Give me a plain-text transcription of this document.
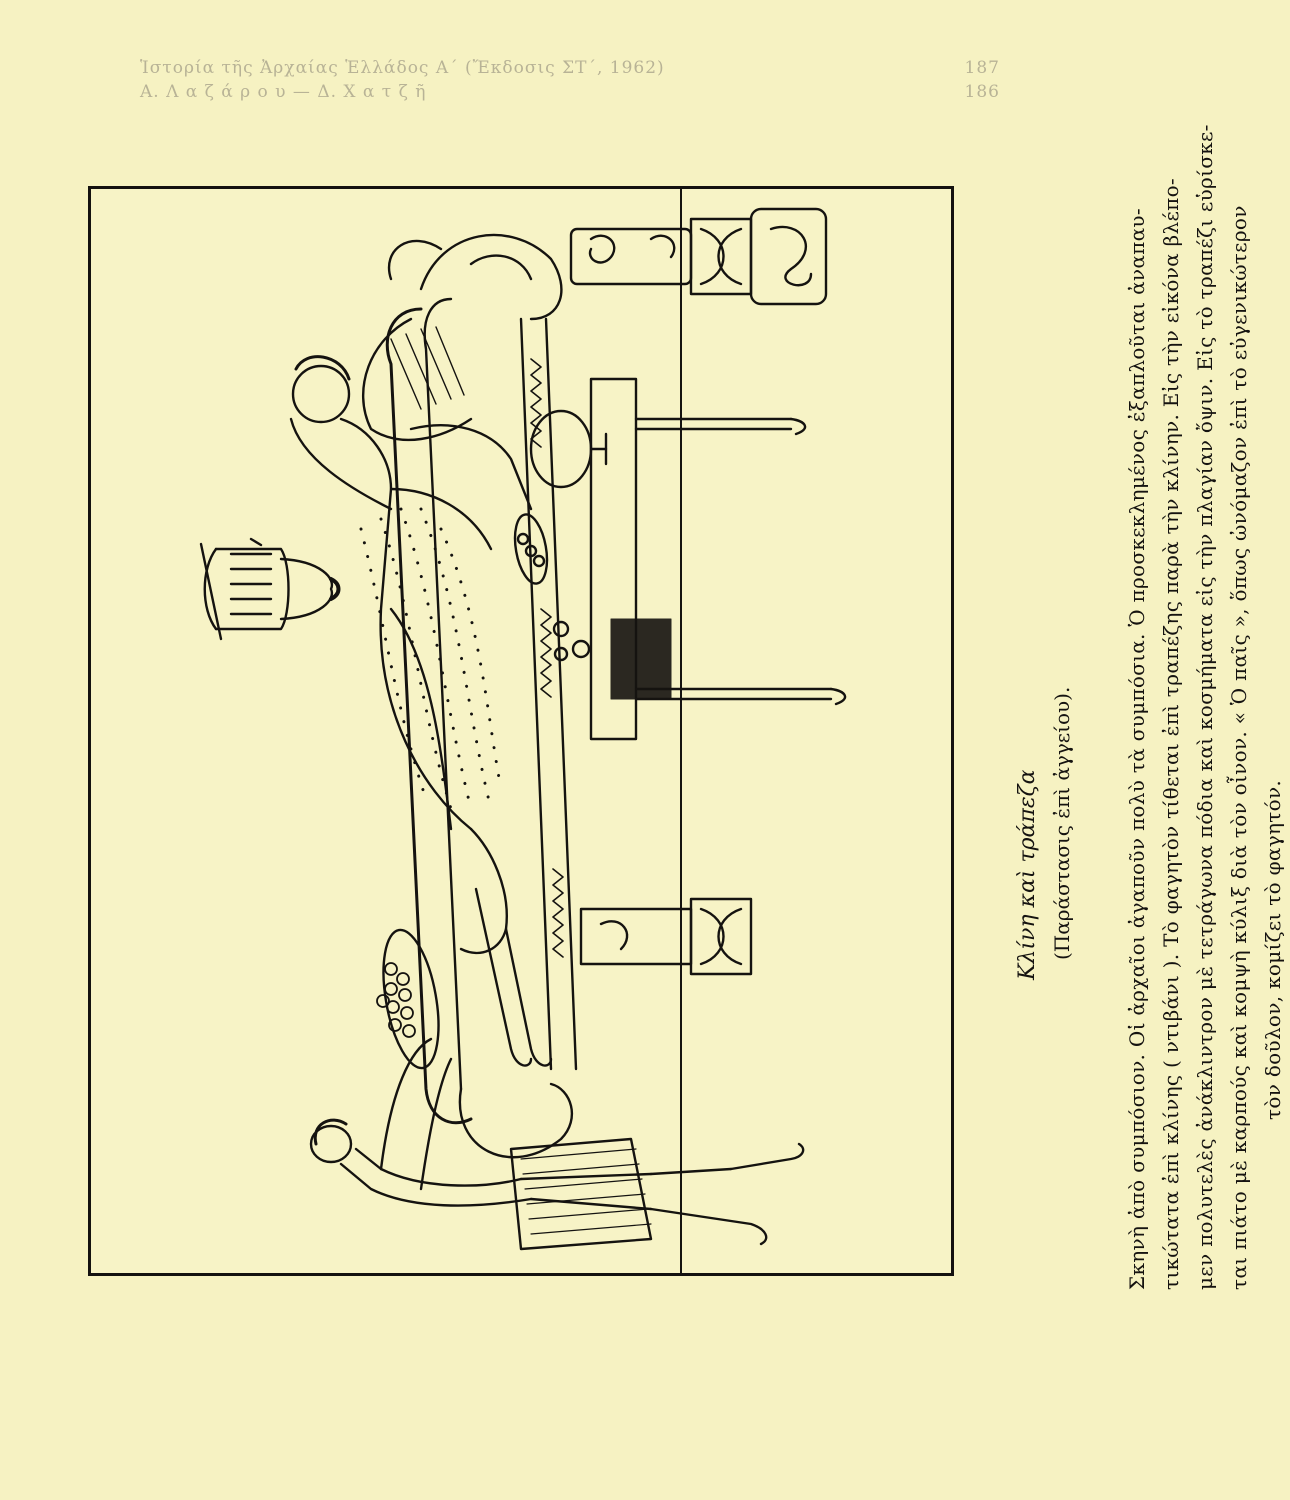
Ἱστορία τῆς Ἀρχαίας Ἑλλάδος Α´ (Ἔκδοσις ΣΤ´, 1962)	187
Α. Λ α ζ ά ρ ο υ — Δ. Χ α τ ζ ῆ	186
Κλίνη καὶ τράπεζα (Παράστασις ἐπὶ ἀγγείου).	Σκηνὴ ἀπὸ συμπόσιον. Οἱ ἀρχαῖοι ἀγαποῦν πολὺ τὰ συμπόσια. Ὁ προσκεκλημένος ἐξαπλοῦται ἀναπαυ- τικώτατα ἐπὶ κλίνης ( ντιβάνι ). Τὸ φαγητὸν τίθεται ἐπὶ τραπέζης παρὰ τὴν κλίνην. Εἰς τὴν εἰκόνα βλέπο- μεν πολυτελὲς ἀνάκλιντρον μὲ τετράγωνα πόδια καὶ κοσμήματα εἰς τὴν πλαγίαν ὄψιν. Εἰς τὸ τραπέζι εὑρίσκε- ται πιάτο μὲ καρπούς καὶ κομψὴ κύλιξ διὰ τὸν οἶνον. « Ὁ παῖς », ὅπως ὠνόμαζον ἐπὶ τὸ εὐγενικώτερον τὸν δοῦλον, κομίζει τὸ φαγητόν.
